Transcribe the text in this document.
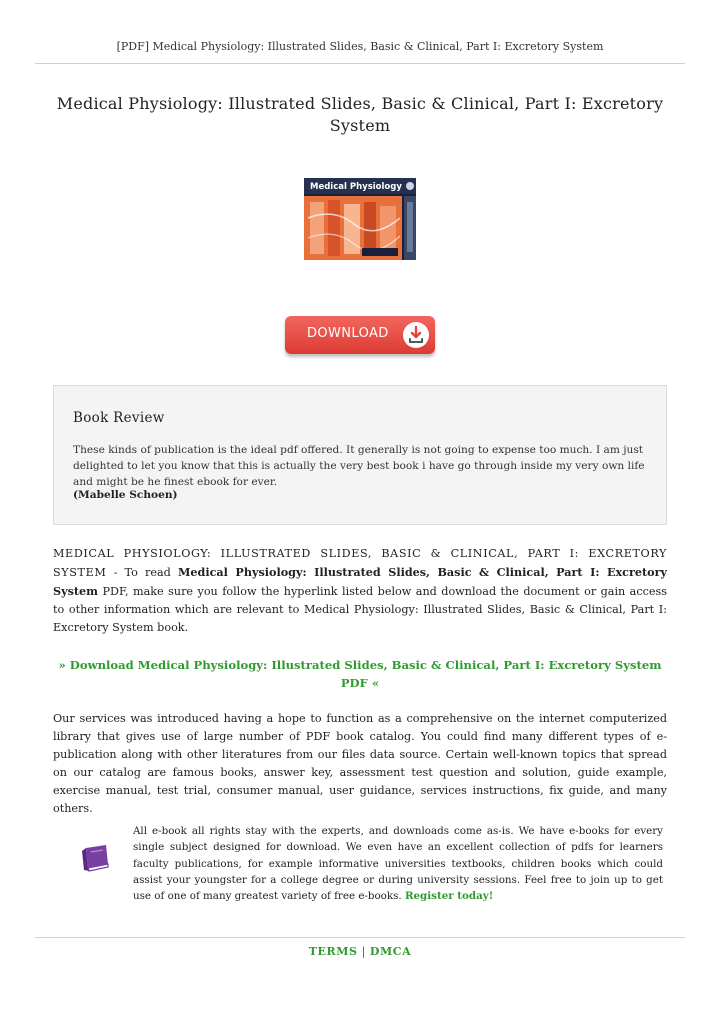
[PDF] Medical Physiology: Illustrated Slides, Basic & Clinical, Part I: Excretory System
Medical Physiology: Illustrated Slides, Basic & Clinical, Part I: Excretory System
Medical Physiology
DOWNLOAD
Book Review

These kinds of publication is the ideal pdf offered. It generally is not going to expense too much. I am just delighted to let you know that this is actually the very best book i have go through inside my very own life and might be he finest ebook for ever.

(Mabelle Schoen)
MEDICAL PHYSIOLOGY: ILLUSTRATED SLIDES, BASIC & CLINICAL, PART I: EXCRETORY SYSTEM - To read Medical Physiology: Illustrated Slides, Basic & Clinical, Part I: Excretory System PDF, make sure you follow the hyperlink listed below and download the document or gain access to other information which are relevant to Medical Physiology: Illustrated Slides, Basic & Clinical, Part I: Excretory System book.
» Download Medical Physiology: Illustrated Slides, Basic & Clinical, Part I: Excretory System PDF «
Our services was introduced having a hope to function as a comprehensive on the internet computerized library that gives use of large number of PDF book catalog. You could find many different types of e-publication along with other literatures from our files data source. Certain well-known topics that spread on our catalog are famous books, answer key, assessment test question and solution, guide example, exercise manual, test trial, consumer manual, user guidance, services instructions, fix guide, and many others.
All e-book all rights stay with the experts, and downloads come as-is. We have e-books for every single subject designed for download. We even have an excellent collection of pdfs for learners faculty publications, for example informative universities textbooks, children books which could assist your youngster for a college degree or during university sessions. Feel free to join up to get use of one of many greatest variety of free e-books. Register today!
TERMS | DMCA
